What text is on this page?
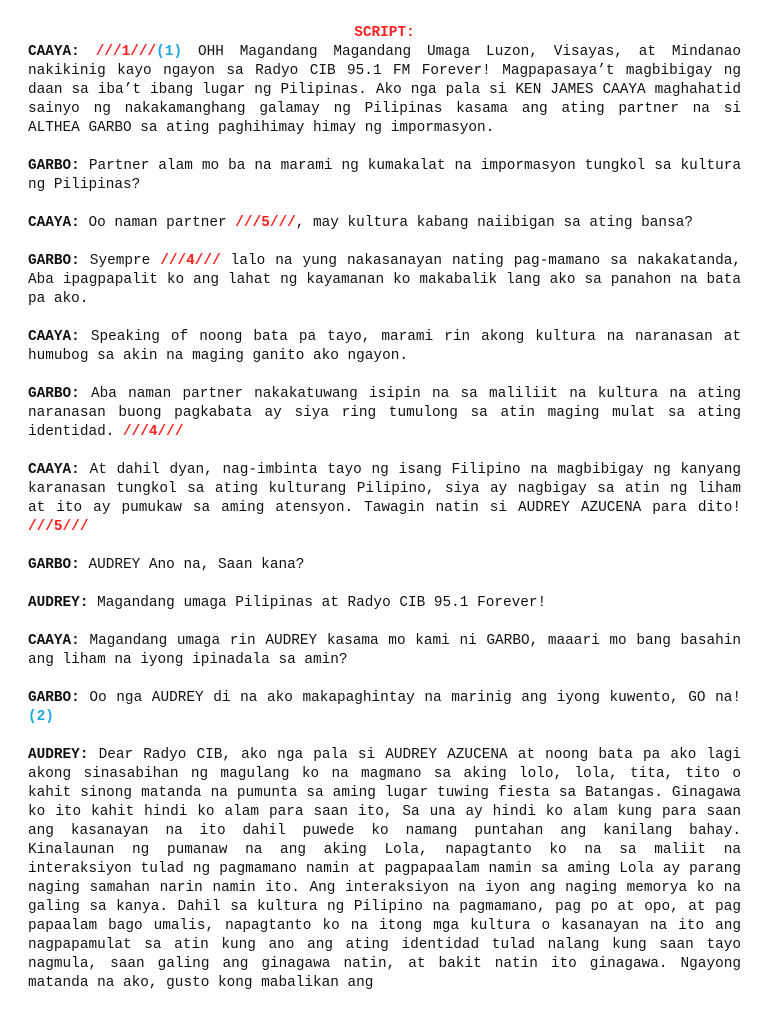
SCRIPT:

CAAYA: ///1///(1) OHH Magandang Magandang Umaga Luzon, Visayas, at Mindanao nakikinig kayo ngayon sa Radyo CIB 95.1 FM Forever! Magpapasaya’t magbibigay ng daan sa iba’t ibang lugar ng Pilipinas. Ako nga pala si KEN JAMES CAAYA maghahatid sainyo ng nakakamanghang galamay ng Pilipinas kasama ang ating partner na si ALTHEA GARBO sa ating paghihimay himay ng impormasyon.

GARBO: Partner alam mo ba na marami ng kumakalat na impormasyon tungkol sa kultura ng Pilipinas?

CAAYA: Oo naman partner ///5///, may kultura kabang naiibigan sa ating bansa?

GARBO: Syempre ///4/// lalo na yung nakasanayan nating pag-mamano sa nakakatanda, Aba ipagpapalit ko ang lahat ng kayamanan ko makabalik lang ako sa panahon na bata pa ako.

CAAYA: Speaking of noong bata pa tayo, marami rin akong kultura na naranasan at humubog sa akin na maging ganito ako ngayon.

GARBO: Aba naman partner nakakatuwang isipin na sa maliliit na kultura na ating naranasan buong pagkabata ay siya ring tumulong sa atin maging mulat sa ating identidad. ///4///

CAAYA: At dahil dyan, nag-imbinta tayo ng isang Filipino na magbibigay ng kanyang karanasan tungkol sa ating kulturang Pilipino, siya ay nagbigay sa atin ng liham at ito ay pumukaw sa aming atensyon. Tawagin natin si AUDREY AZUCENA para dito! ///5///

GARBO: AUDREY Ano na, Saan kana?

AUDREY: Magandang umaga Pilipinas at Radyo CIB 95.1 Forever!

CAAYA: Magandang umaga rin AUDREY kasama mo kami ni GARBO, maaari mo bang basahin ang liham na iyong ipinadala sa amin?

GARBO: Oo nga AUDREY di na ako makapaghintay na marinig ang iyong kuwento, GO na! (2)

AUDREY: Dear Radyo CIB, ako nga pala si AUDREY AZUCENA at noong bata pa ako lagi akong sinasabihan ng magulang ko na magmano sa aking lolo, lola, tita, tito o kahit sinong matanda na pumunta sa aming lugar tuwing fiesta sa Batangas. Ginagawa ko ito kahit hindi ko alam para saan ito, Sa una ay hindi ko alam kung para saan ang kasanayan na ito dahil puwede ko namang puntahan ang kanilang bahay. Kinalaunan ng pumanaw na ang aking Lola, napagtanto ko na sa maliit na interaksiyon tulad ng pagmamano namin at pagpapaalam namin sa aming Lola ay parang naging samahan narin namin ito. Ang interaksiyon na iyon ang naging memorya ko na galing sa kanya. Dahil sa kultura ng Pilipino na pagmamano, pag po at opo, at pag papaalam bago umalis, napagtanto ko na itong mga kultura o kasanayan na ito ang nagpapamulat sa atin kung ano ang ating identidad tulad nalang kung saan tayo nagmula, saan galing ang ginagawa natin, at bakit natin ito ginagawa. Ngayong matanda na ako, gusto kong mabalikan ang
